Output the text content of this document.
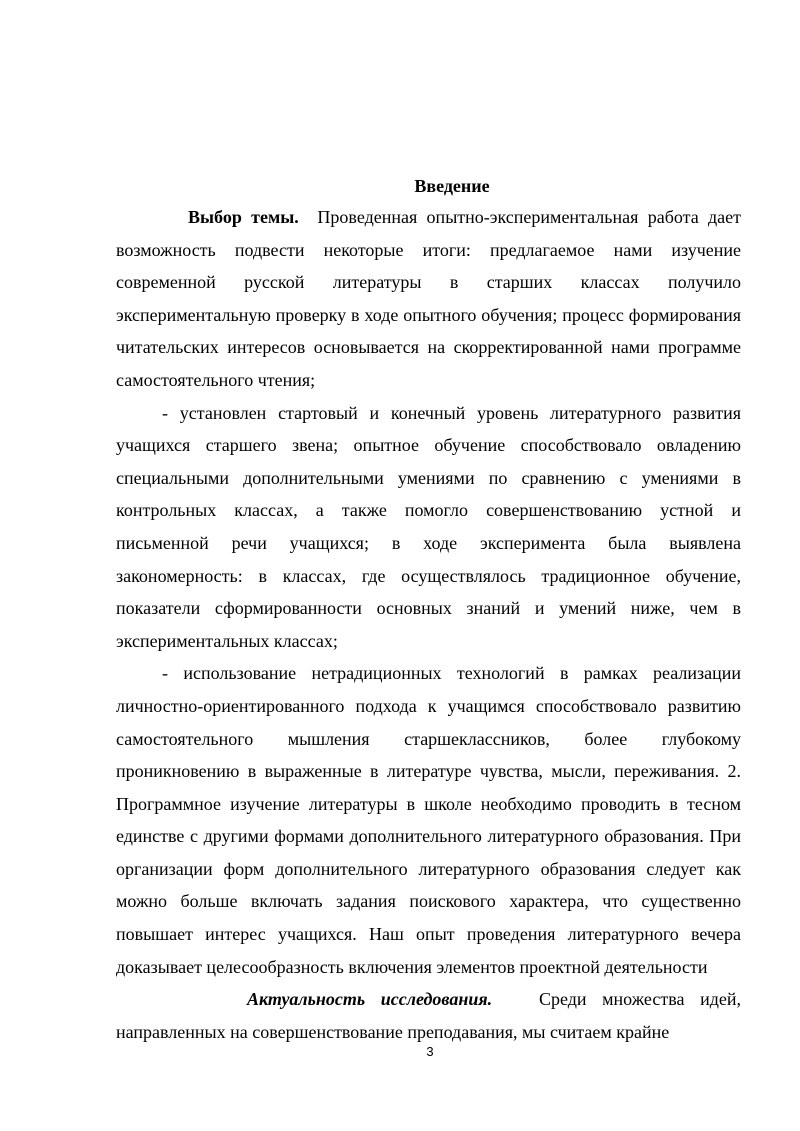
Введение

Выбор темы. Проведенная опытно-экспериментальная работа дает возможность подвести некоторые итоги: предлагаемое нами изучение современной русской литературы в старших классах получило экспериментальную проверку в ходе опытного обучения; процесс формирования читательских интересов основывается на скорректированной нами программе самостоятельного чтения;

- установлен стартовый и конечный уровень литературного развития учащихся старшего звена; опытное обучение способствовало овладению специальными дополнительными умениями по сравнению с умениями в контрольных классах, а также помогло совершенствованию устной и письменной речи учащихся; в ходе эксперимента была выявлена закономерность: в классах, где осуществлялось традиционное обучение, показатели сформированности основных знаний и умений ниже, чем в экспериментальных классах;

- использование нетрадиционных технологий в рамках реализации личностно-ориентированного подхода к учащимся способствовало развитию самостоятельного мышления старшеклассников, более глубокому проникновению в выраженные в литературе чувства, мысли, переживания. 2. Программное изучение литературы в школе необходимо проводить в тесном единстве с другими формами дополнительного литературного образования. При организации форм дополнительного литературного образования следует как можно больше включать задания поискового характера, что существенно повышает интерес учащихся. Наш опыт проведения литературного вечера доказывает целесообразность включения элементов проектной деятельности

Актуальность исследования.	Среди множества идей, направленных на совершенствование преподавания, мы считаем крайне

3
